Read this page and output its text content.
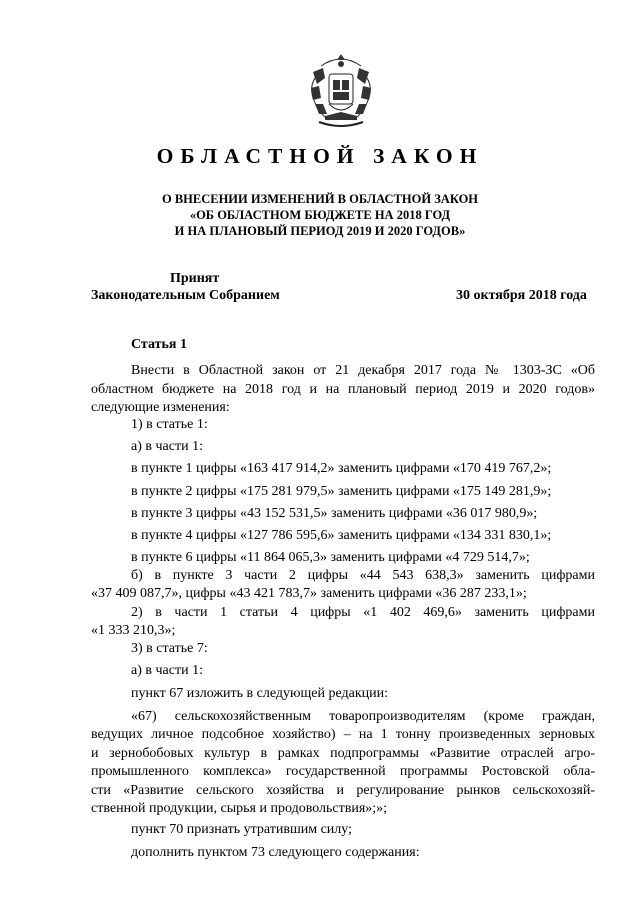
ОБЛАСТНОЙ ЗАКОН
О ВНЕСЕНИИ ИЗМЕНЕНИЙ В ОБЛАСТНОЙ ЗАКОН
«ОБ ОБЛАСТНОМ БЮДЖЕТЕ НА 2018 ГОД
И НА ПЛАНОВЫЙ ПЕРИОД 2019 И 2020 ГОДОВ»
Принят
Законодательным Собранием	30 октября 2018 года
Статья 1
Внести в Областной закон от 21 декабря 2017 года № 1303-ЗС «Об
областном бюджете на 2018 год и на плановый период 2019 и 2020 годов»
следующие изменения:
1) в статье 1:
а) в части 1:
в пункте 1 цифры «163 417 914,2» заменить цифрами «170 419 767,2»;
в пункте 2 цифры «175 281 979,5» заменить цифрами «175 149 281,9»;
в пункте 3 цифры «43 152 531,5» заменить цифрами «36 017 980,9»;
в пункте 4 цифры «127 786 595,6» заменить цифрами «134 331 830,1»;
в пункте 6 цифры «11 864 065,3» заменить цифрами «4 729 514,7»;
б) в пункте 3 части 2 цифры «44 543 638,3» заменить цифрами
«37 409 087,7», цифры «43 421 783,7» заменить цифрами «36 287 233,1»;
2) в части 1 статьи 4 цифры «1 402 469,6» заменить цифрами
«1 333 210,3»;
3) в статье 7:
а) в части 1:
пункт 67 изложить в следующей редакции:
«67) сельскохозяйственным товаропроизводителям (кроме граждан,
ведущих личное подсобное хозяйство) – на 1 тонну произведенных зерновых
и зернобобовых культур в рамках подпрограммы «Развитие отраслей агро-
промышленного комплекса» государственной программы Ростовской обла-
сти «Развитие сельского хозяйства и регулирование рынков сельскохозяй-
ственной продукции, сырья и продовольствия»;»;
пункт 70 признать утратившим силу;
дополнить пунктом 73 следующего содержания:
